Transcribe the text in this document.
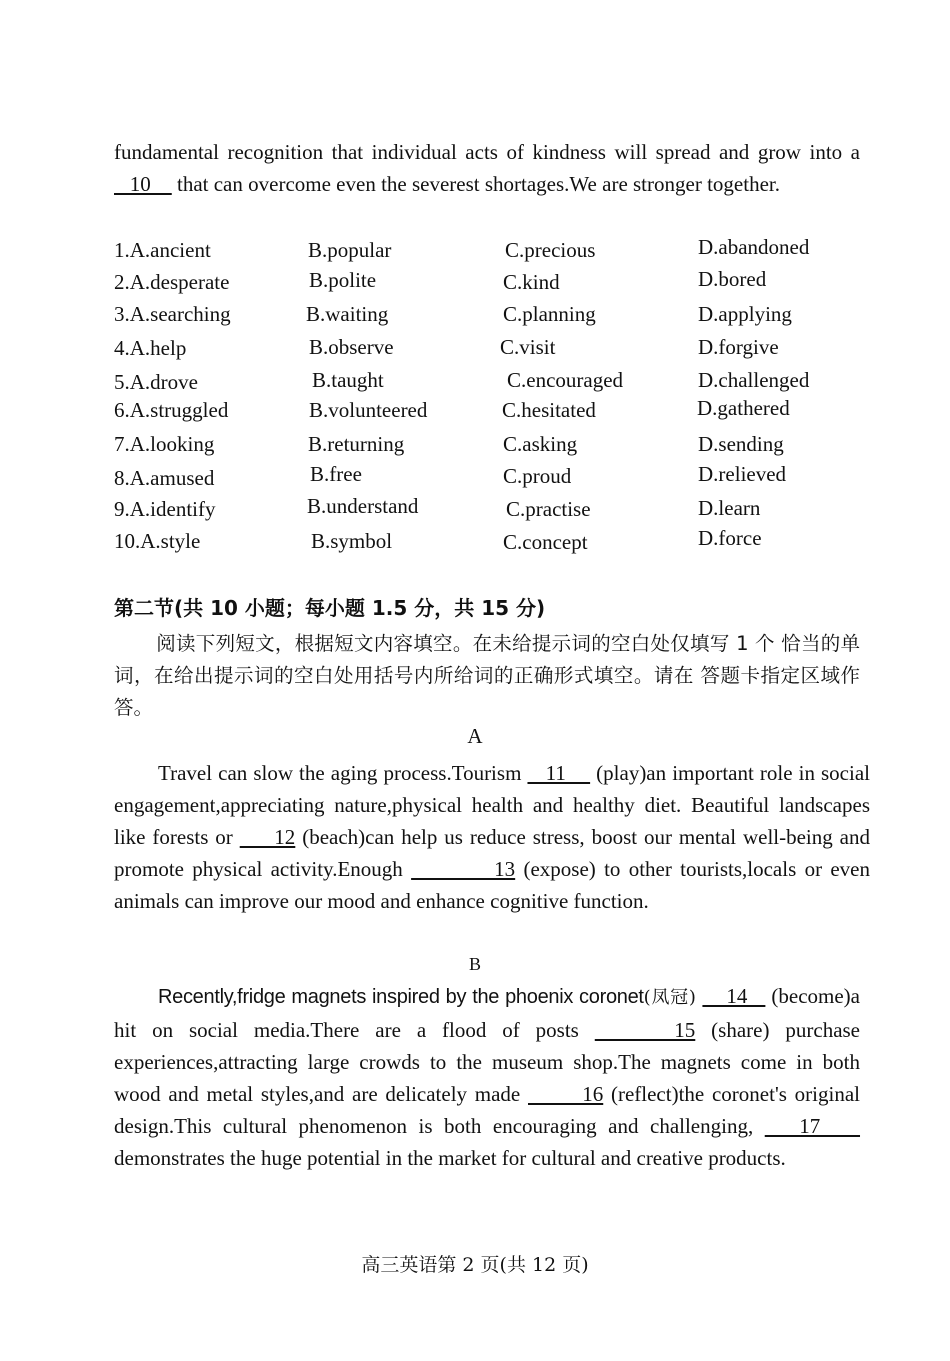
fundamental recognition that individual acts of kindness will spread and grow into a    10     that can overcome even the severest shortages.We are stronger together.
1.A.ancient	B.popular	C.precious	D.abandoned
2.A.desperate	B.polite	C.kind	D.bored
3.A.searching	B.waiting	C.planning	D.applying
4.A.help	B.observe	C.visit	D.forgive
5.A.drove	B.taught	C.encouraged	D.challenged
6.A.struggled	B.volunteered	C.hesitated	D.gathered
7.A.looking	B.returning	C.asking	D.sending
8.A.amused	B.free	C.proud	D.relieved
9.A.identify	B.understand	C.practise	D.learn
10.A.style	B.symbol	C.concept	D.force
第二节(共 10 小题；每小题 1.5 分，共 15 分)
阅读下列短文，根据短文内容填空。在未给提示词的空白处仅填写 1 个 恰当的单词，在给出提示词的空白处用括号内所给词的正确形式填空。请在 答题卡指定区域作答。
A
Travel can slow the aging process.Tourism    11     (play)an important role in social engagement,appreciating nature,physical health and healthy diet. Beautiful landscapes like forests or      12 (beach)can help us reduce stress, boost our mental well-being and promote physical activity.Enough           13 (expose) to other tourists,locals or even animals can improve our mood and enhance cognitive function.
B
Recently,fridge magnets inspired by the phoenix coronet(凤冠)     14    (become)a hit on social media.There are a flood of posts      15 (share) purchase experiences,attracting large crowds to the museum shop.The magnets come in both wood and metal styles,and are delicately made        16 (reflect)the coronet's original design.This cultural phenomenon is both encouraging and challenging,    17     demonstrates the huge potential in the market for cultural and creative products.
高三英语第 2 页(共 12 页)
